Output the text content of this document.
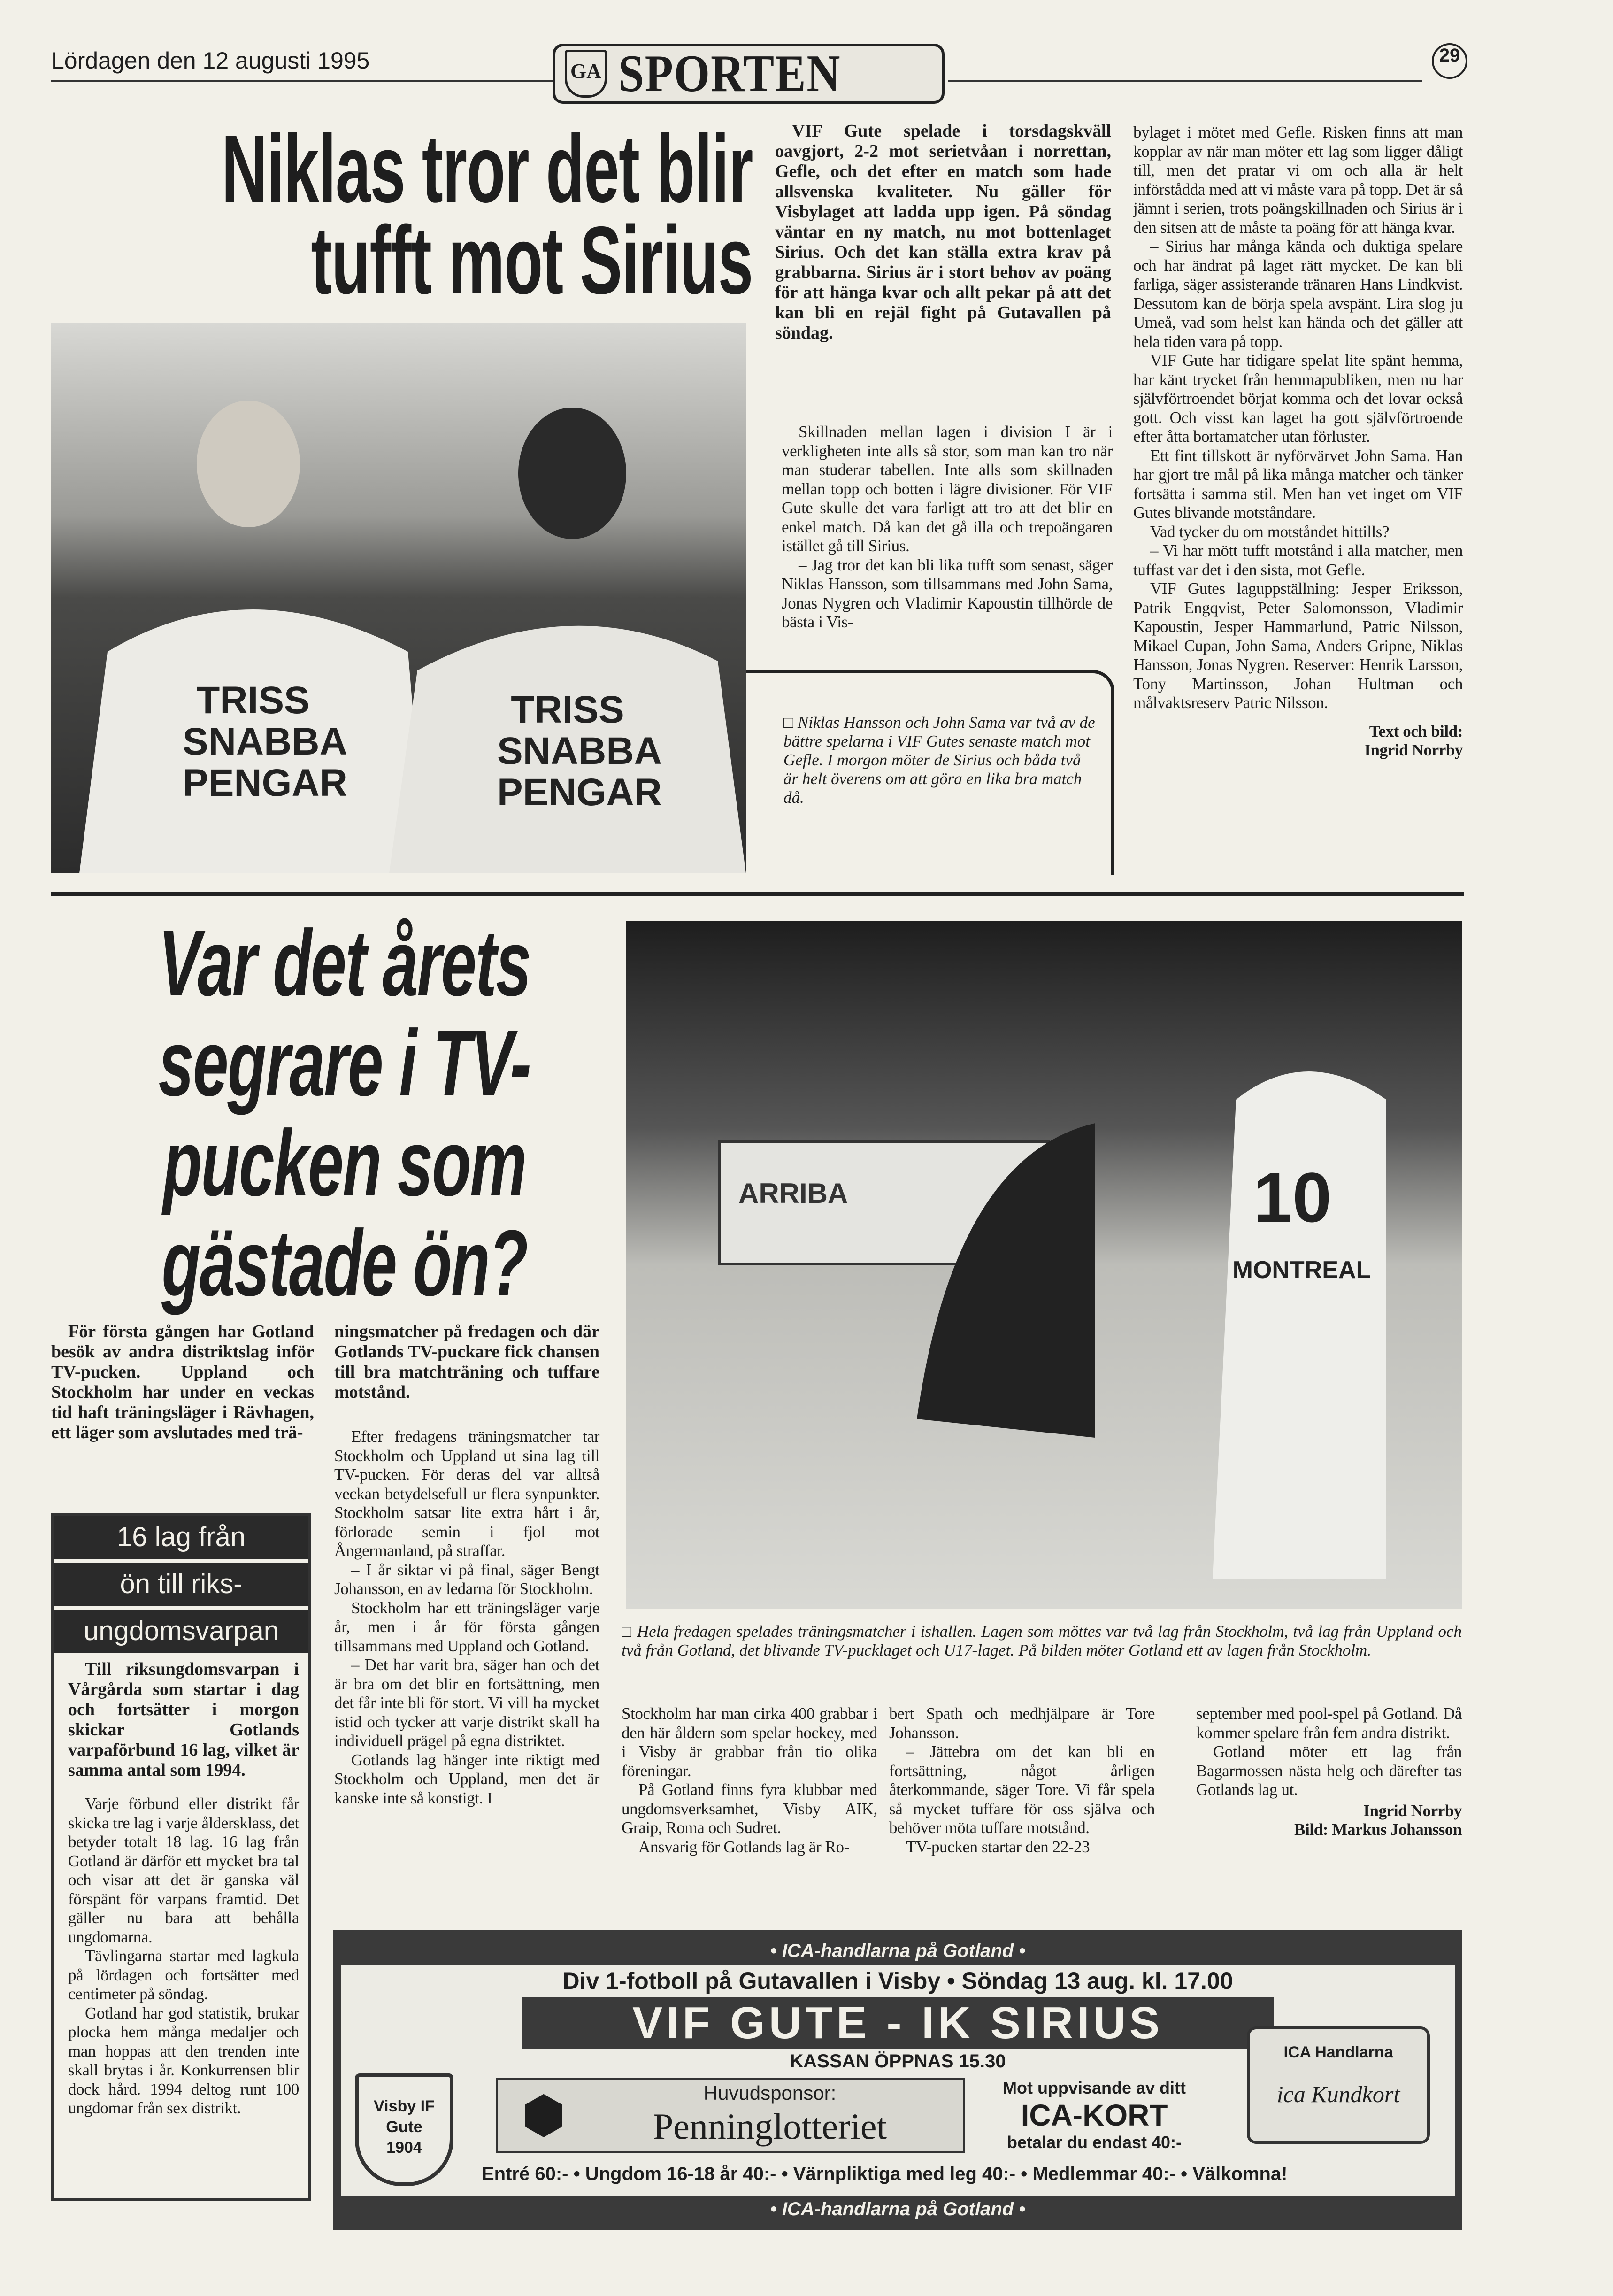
Lördagen den 12 augusti 1995	GA SPORTEN	29
Niklas tror det blir
tufft mot Sirius
TRISS SNABBA PENGAR
TRISS SNABBA PENGAR

VIF Gute spelade i torsdagskväll oavgjort, 2-2 mot serietvåan i norrettan, Gefle, och det efter en match som hade allsvenska kvaliteter. Nu gäller för Visbylaget att ladda upp igen. På söndag väntar en ny match, nu mot bottenlaget Sirius. Och det kan ställa extra krav på grabbarna. Sirius är i stort behov av poäng för att hänga kvar och allt pekar på att det kan bli en rejäl fight på Gutavallen på söndag.

Skillnaden mellan lagen i division I är i verkligheten inte alls så stor, som man kan tro när man studerar tabellen. Inte alls som skillnaden mellan topp och botten i lägre divisioner. För VIF Gute skulle det vara farligt att tro att det blir en enkel match. Då kan det gå illa och trepoängaren istället gå till Sirius.

– Jag tror det kan bli lika tufft som senast, säger Niklas Hansson, som tillsammans med John Sama, Jonas Nygren och Vladimir Kapoustin tillhörde de bästa i Vis-

□ Niklas Hansson och John Sama var två av de bättre spelarna i VIF Gutes senaste match mot Gefle. I morgon möter de Sirius och båda två är helt överens om att göra en lika bra match då.

bylaget i mötet med Gefle. Risken finns att man kopplar av när man möter ett lag som ligger dåligt till, men det pratar vi om och alla är helt införstådda med att vi måste vara på topp. Det är så jämnt i serien, trots poängskillnaden och Sirius är i den sitsen att de måste ta poäng för att hänga kvar.

– Sirius har många kända och duktiga spelare och har ändrat på laget rätt mycket. De kan bli farliga, säger assisterande tränaren Hans Lindkvist. Dessutom kan de börja spela avspänt. Lira slog ju Umeå, vad som helst kan hända och det gäller att hela tiden vara på topp.

VIF Gute har tidigare spelat lite spänt hemma, har känt trycket från hemmapubliken, men nu har självförtroendet börjat komma och det lovar också gott. Och visst kan laget ha gott självförtroende efter åtta bortamatcher utan förluster.

Ett fint tillskott är nyförvärvet John Sama. Han har gjort tre mål på lika många matcher och tänker fortsätta i samma stil. Men han vet inget om VIF Gutes blivande motståndare.

Vad tycker du om motståndet hittills?

– Vi har mött tufft motstånd i alla matcher, men tuffast var det i den sista, mot Gefle.

VIF Gutes laguppställning: Jesper Eriksson, Patrik Engqvist, Peter Salomonsson, Vladimir Kapoustin, Jesper Hammarlund, Patric Nilsson, Mikael Cupan, John Sama, Anders Gripne, Niklas Hansson, Jonas Nygren. Reserver: Henrik Larsson, Tony Martinsson, Johan Hultman och målvaktsreserv Patric Nilsson.

Text och bild:
Ingrid Norrby
Var det årets
segrare i TV-
pucken som
gästade ön?
ARRIBA	10
MONTREAL

För första gången har Gotland besök av andra distriktslag inför TV-pucken. Uppland och Stockholm har under en veckas tid haft träningsläger i Rävhagen, ett läger som avslutades med trä-

ningsmatcher på fredagen och där Gotlands TV-puckare fick chansen till bra matchträning och tuffare motstånd.

Efter fredagens träningsmatcher tar Stockholm och Uppland ut sina lag till TV-pucken. För deras del var alltså veckan betydelsefull ur flera synpunkter. Stockholm satsar lite extra hårt i år, förlorade semin i fjol mot Ångermanland, på straffar.

– I år siktar vi på final, säger Bengt Johansson, en av ledarna för Stockholm.

Stockholm har ett träningsläger varje år, men i år för första gången tillsammans med Uppland och Gotland.

– Det har varit bra, säger han och det är bra om det blir en fortsättning, men det får inte bli för stort. Vi vill ha mycket istid och tycker att varje distrikt skall ha individuell prägel på egna distriktet.

Gotlands lag hänger inte riktigt med Stockholm och Uppland, men det är kanske inte så konstigt. I

□ Hela fredagen spelades träningsmatcher i ishallen. Lagen som möttes var två lag från Stockholm, två lag från Uppland och två från Gotland, det blivande TV-pucklaget och U17-laget. På bilden möter Gotland ett av lagen från Stockholm.

Stockholm har man cirka 400 grabbar i den här åldern som spelar hockey, med i Visby är grabbar från tio olika föreningar.

På Gotland finns fyra klubbar med ungdomsverksamhet, Visby AIK, Graip, Roma och Sudret.

Ansvarig för Gotlands lag är Ro-

bert Spath och medhjälpare är Tore Johansson.

– Jättebra om det kan bli en fortsättning, något årligen återkommande, säger Tore. Vi får spela så mycket tuffare för oss själva och behöver möta tuffare motstånd.

TV-pucken startar den 22-23

september med pool-spel på Gotland. Då kommer spelare från fem andra distrikt.

Gotland möter ett lag från Bagarmossen nästa helg och därefter tas Gotlands lag ut.

Ingrid Norrby
Bild: Markus Johansson
16 lag från
ön till riks-
ungdomsvarpan

Till riksungdomsvarpan i Vårgårda som startar i dag och fortsätter i morgon skickar Gotlands varpaförbund 16 lag, vilket är samma antal som 1994.

Varje förbund eller distrikt får skicka tre lag i varje åldersklass, det betyder totalt 18 lag. 16 lag från Gotland är därför ett mycket bra tal och visar att det är ganska väl förspänt för varpans framtid. Det gäller nu bara att behålla ungdomarna.

Tävlingarna startar med lagkula på lördagen och fortsätter med centimeter på söndag.

Gotland har god statistik, brukar plocka hem många medaljer och man hoppas att den trenden inte skall brytas i år. Konkurrensen blir dock hård. 1994 deltog runt 100 ungdomar från sex distrikt.

• ICA-handlarna på Gotland •
Div 1-fotboll på Gutavallen i Visby • Söndag 13 aug. kl. 17.00
VIF GUTE - IK SIRIUS
KASSAN ÖPPNAS 15.30
Visby IF Gute 1904
⬢	Huvudsponsor:
Penninglotteriet
Mot uppvisande av ditt
ICA-KORT
betalar du endast 40:-
ICA Handlarna
ica Kundkort
Entré 60:- • Ungdom 16-18 år 40:- • Värnpliktiga med leg 40:- • Medlemmar 40:- • Välkomna!
• ICA-handlarna på Gotland •
